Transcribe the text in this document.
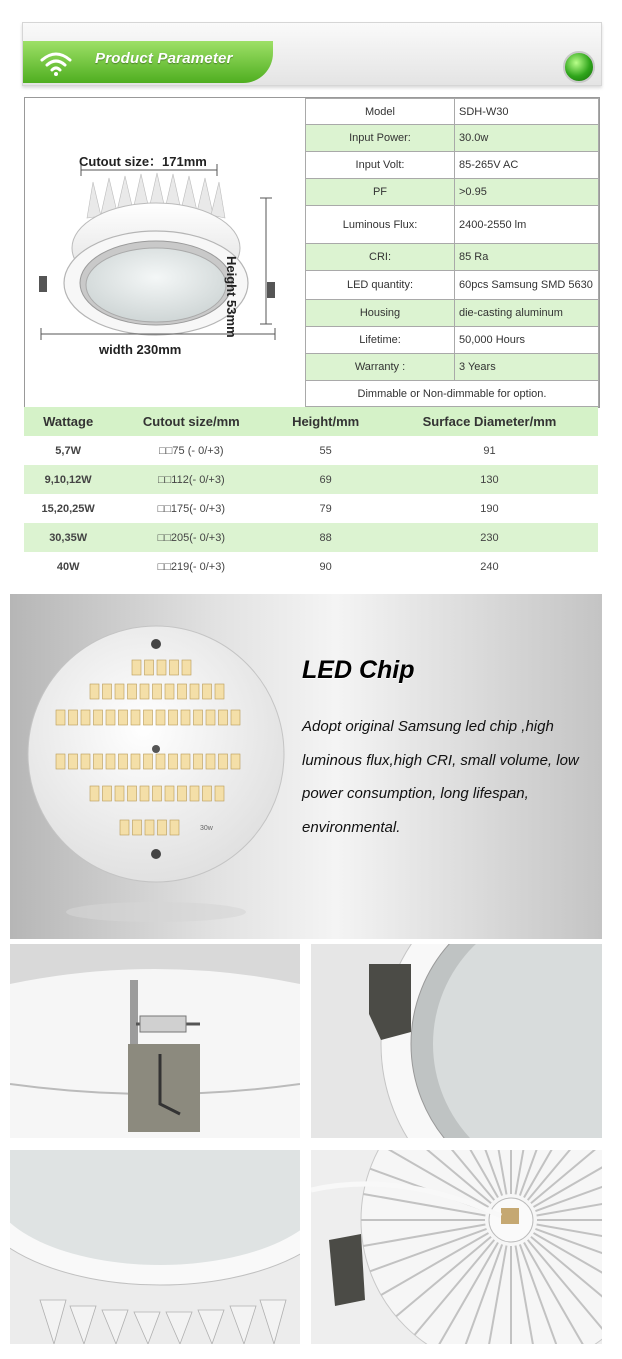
Product Parameter
Cutout size：171mm
Height 53mm
width 230mm
Model	SDH-W30
Input Power:	30.0w
Input Volt:	85-265V AC
PF	>0.95
Luminous Flux:	2400-2550 lm
CRI:	85 Ra
LED quantity:	60pcs Samsung SMD 5630
Housing	die-casting aluminum
Lifetime:	50,000 Hours
Warranty :	3 Years
Dimmable or Non-dimmable for option.	
Wattage	Cutout size/mm	Height/mm	Surface Diameter/mm
5,7W	□□75 (- 0/+3)	55	91
9,10,12W	□□112(- 0/+3)	69	130
15,20,25W	□□175(- 0/+3)	79	190
30,35W	□□205(- 0/+3)	88	230
40W	□□219(- 0/+3)	90	240
30w
LED Chip
Adopt original Samsung led chip ,high luminous flux,high CRI, small volume, low power consumption, long lifespan, environmental.
